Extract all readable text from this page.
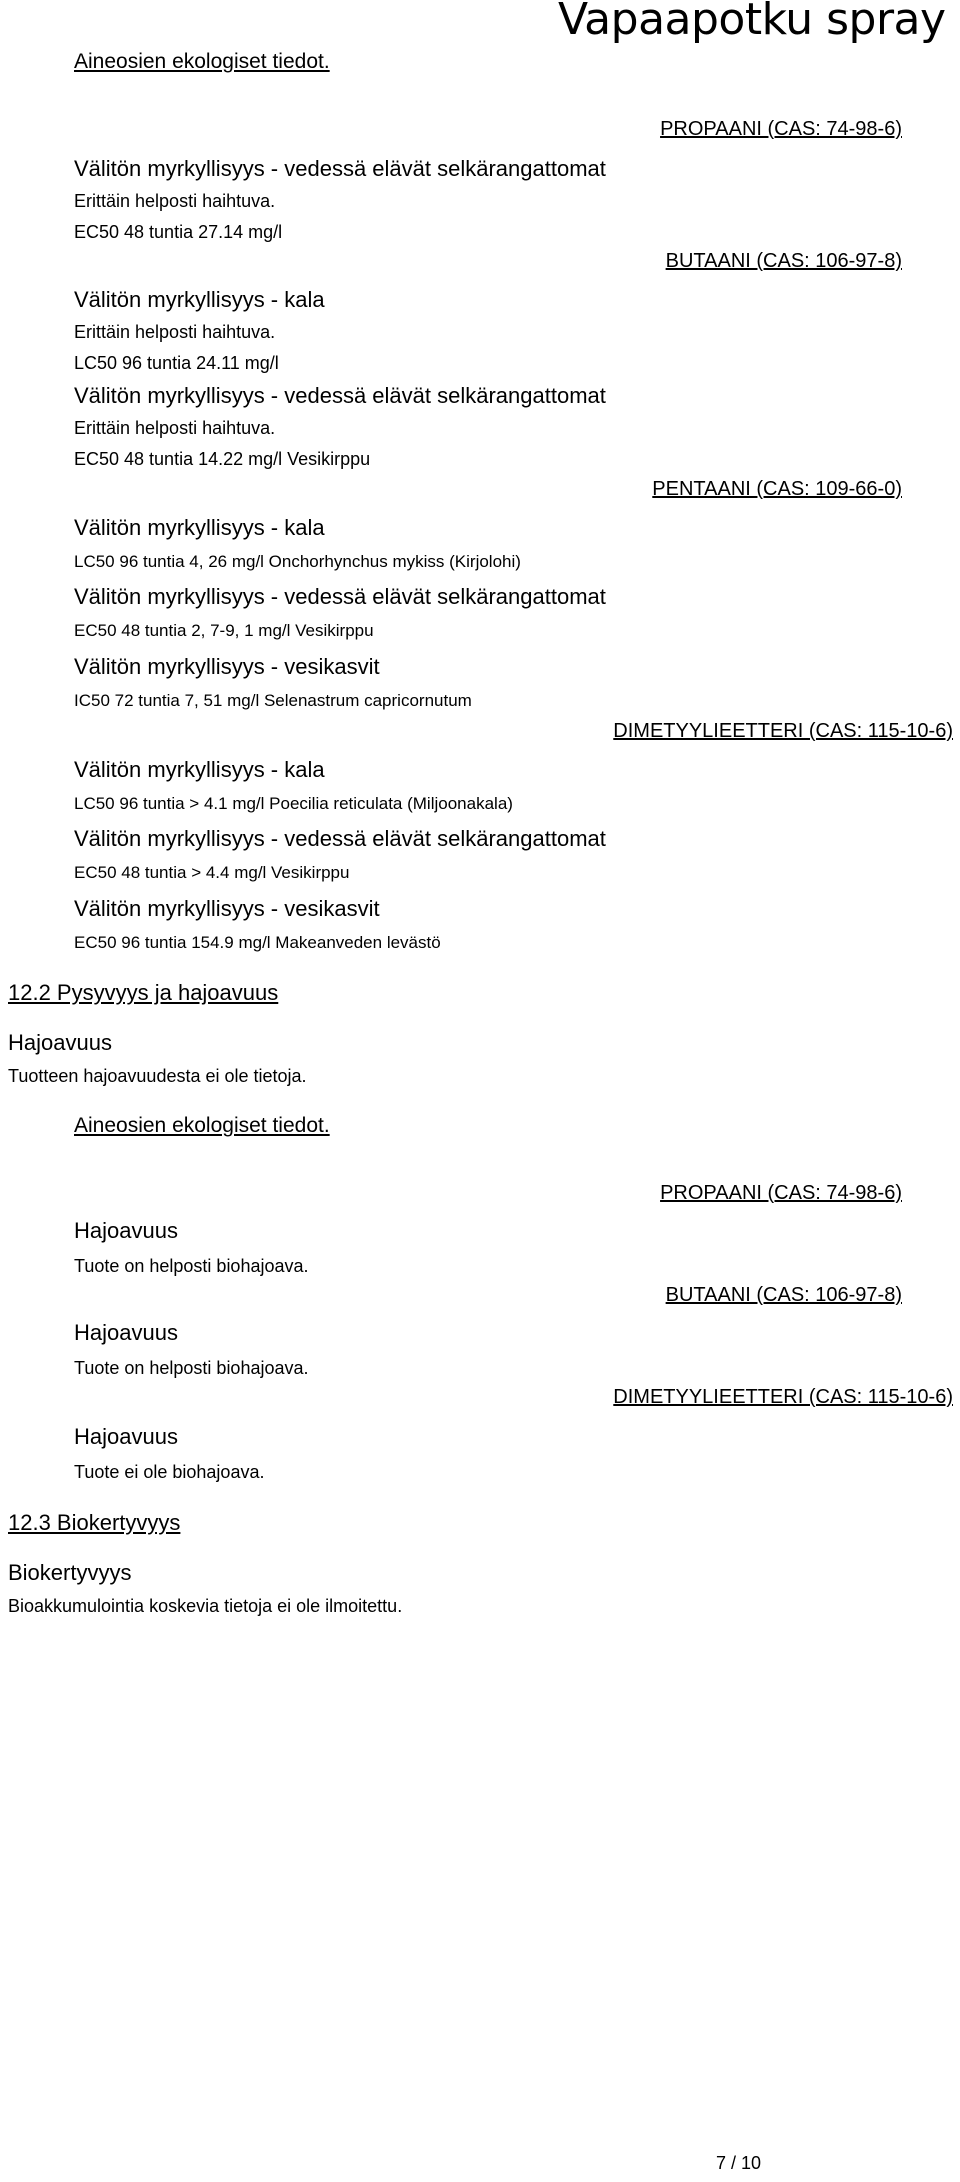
Vapaapotku spray
Aineosien ekologiset tiedot.
PROPAANI (CAS: 74-98-6)
Välitön myrkyllisyys - vedessä elävät selkärangattomat
Erittäin helposti haihtuva.
EC50 48 tuntia 27.14 mg/l
BUTAANI (CAS: 106-97-8)
Välitön myrkyllisyys - kala
Erittäin helposti haihtuva.
LC50 96 tuntia 24.11 mg/l
Välitön myrkyllisyys - vedessä elävät selkärangattomat
Erittäin helposti haihtuva.
EC50 48 tuntia 14.22 mg/l Vesikirppu
PENTAANI (CAS: 109-66-0)
Välitön myrkyllisyys - kala
LC50 96 tuntia 4, 26 mg/l Onchorhynchus mykiss (Kirjolohi)
Välitön myrkyllisyys - vedessä elävät selkärangattomat
EC50 48 tuntia 2, 7-9, 1 mg/l Vesikirppu
Välitön myrkyllisyys - vesikasvit
IC50 72 tuntia 7, 51 mg/l Selenastrum capricornutum
DIMETYYLIEETTERI (CAS: 115-10-6)
Välitön myrkyllisyys - kala
LC50 96 tuntia > 4.1 mg/l Poecilia reticulata (Miljoonakala)
Välitön myrkyllisyys - vedessä elävät selkärangattomat
EC50 48 tuntia > 4.4 mg/l Vesikirppu
Välitön myrkyllisyys - vesikasvit
EC50 96 tuntia 154.9 mg/l Makeanveden levästö
12.2 Pysyvyys ja hajoavuus
Hajoavuus
Tuotteen hajoavuudesta ei ole tietoja.
Aineosien ekologiset tiedot.
PROPAANI (CAS: 74-98-6)
Hajoavuus
Tuote on helposti biohajoava.
BUTAANI (CAS: 106-97-8)
Hajoavuus
Tuote on helposti biohajoava.
DIMETYYLIEETTERI (CAS: 115-10-6)
Hajoavuus
Tuote ei ole biohajoava.
12.3 Biokertyvyys
Biokertyvyys
Bioakkumulointia koskevia tietoja ei ole ilmoitettu.
7 / 10
